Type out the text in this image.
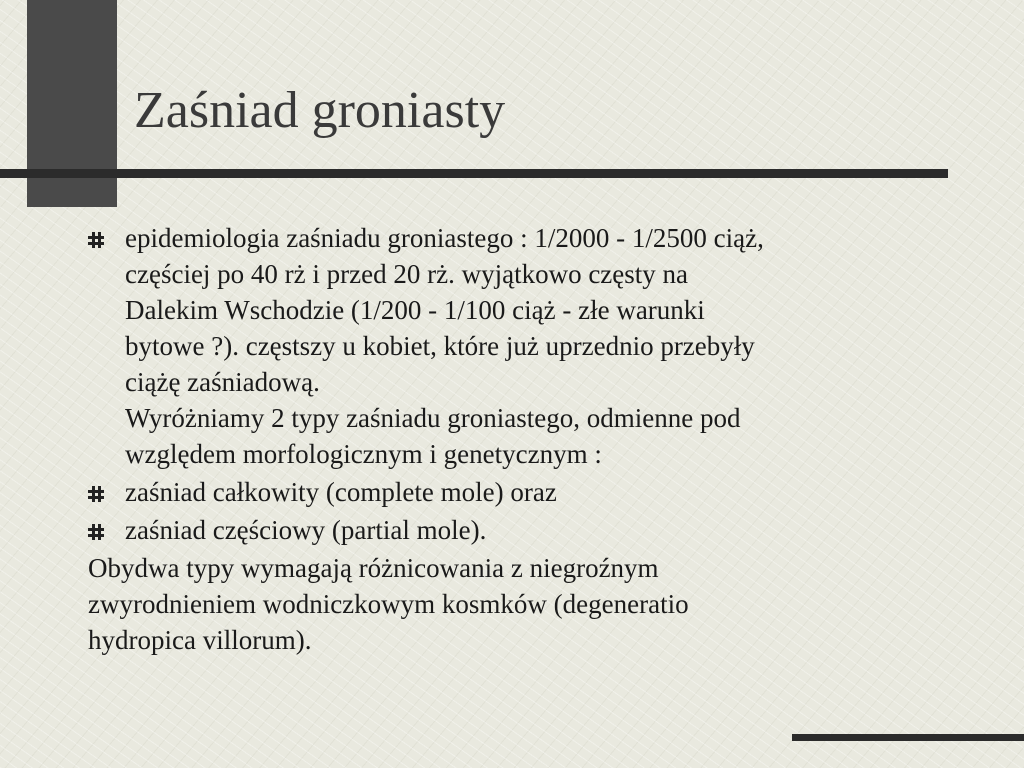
Zaśniad groniasty
epidemiologia zaśniadu groniastego : 1/2000 - 1/2500 ciąż,
częściej po 40 rż i przed 20 rż. wyjątkowo częsty na
Dalekim Wschodzie (1/200 - 1/100 ciąż - złe warunki
bytowe ?). częstszy u kobiet, które już uprzednio przebyły
ciążę zaśniadową.
Wyróżniamy 2 typy zaśniadu groniastego, odmienne pod
względem morfologicznym i genetycznym :
zaśniad całkowity (complete mole) oraz
zaśniad częściowy (partial mole).
Obydwa typy wymagają różnicowania z niegroźnym
zwyrodnieniem wodniczkowym kosmków (degeneratio
hydropica villorum).
